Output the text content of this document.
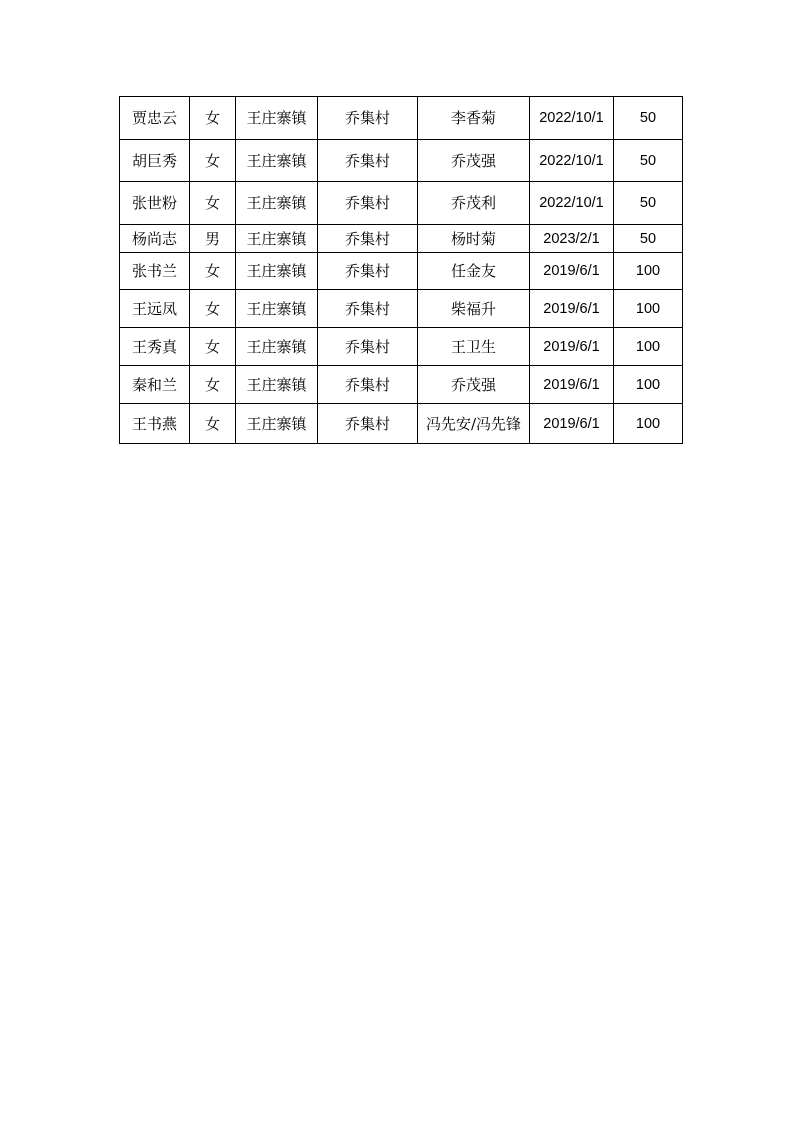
贾忠云	女	王庄寨镇	乔集村	李香菊	2022/10/1	50
胡巨秀	女	王庄寨镇	乔集村	乔茂强	2022/10/1	50
张世粉	女	王庄寨镇	乔集村	乔茂利	2022/10/1	50
杨尚志	男	王庄寨镇	乔集村	杨时菊	2023/2/1	50
张书兰	女	王庄寨镇	乔集村	任金友	2019/6/1	100
王远凤	女	王庄寨镇	乔集村	柴福升	2019/6/1	100
王秀真	女	王庄寨镇	乔集村	王卫生	2019/6/1	100
秦和兰	女	王庄寨镇	乔集村	乔茂强	2019/6/1	100
王书燕	女	王庄寨镇	乔集村	冯先安/冯先锋	2019/6/1	100
